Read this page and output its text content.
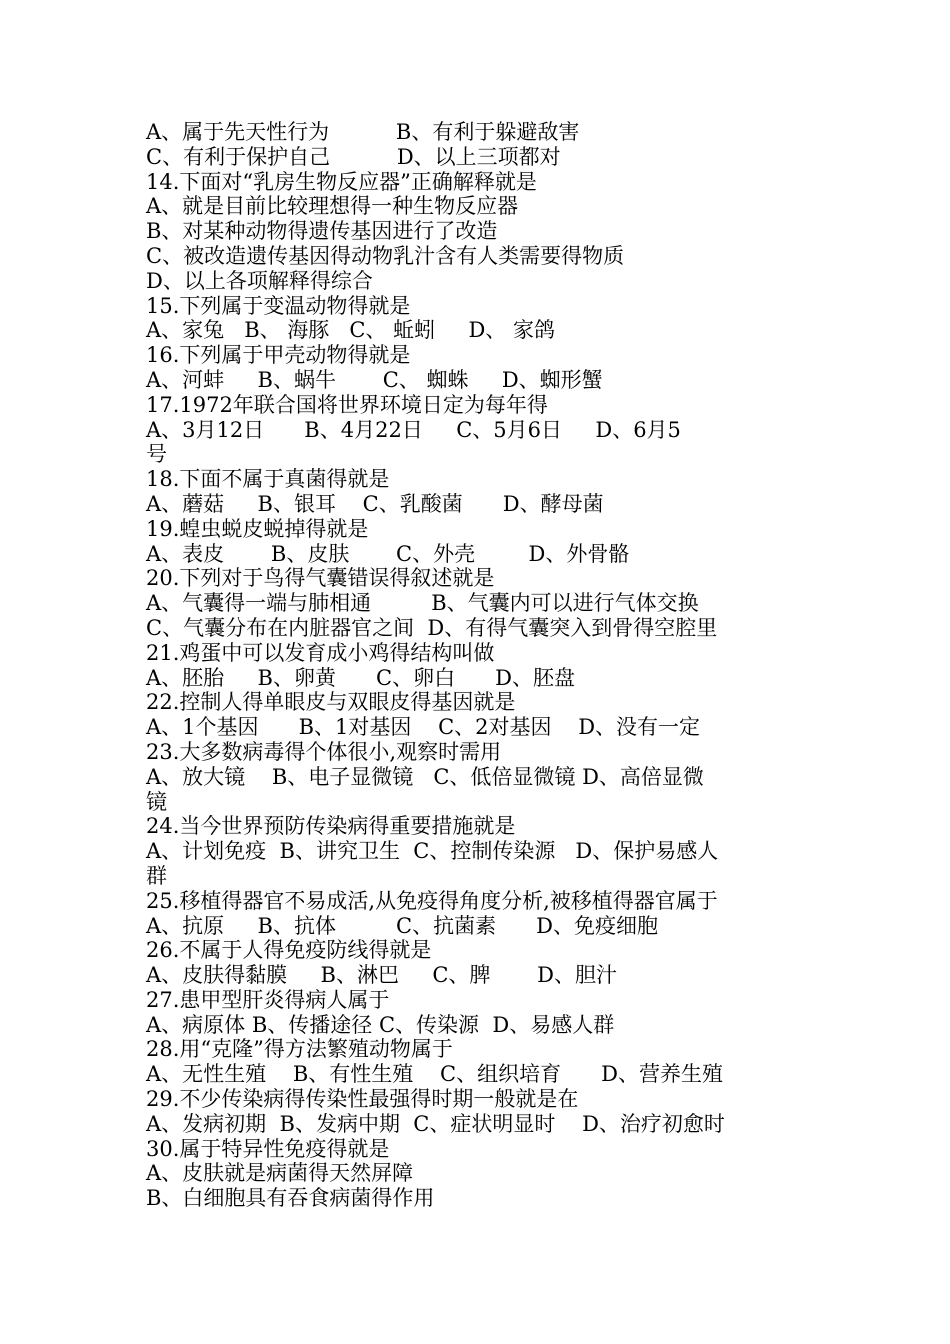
A、属于先天性行为          B、有利于躲避敌害
C、有利于保护自己          D、以上三项都对
14.下面对“乳房生物反应器”正确解释就是
A、就是目前比较理想得一种生物反应器
B、对某种动物得遗传基因进行了改造
C、被改造遗传基因得动物乳汁含有人类需要得物质
D、以上各项解释得综合
15.下列属于变温动物得就是
A、家兔   B、 海豚   C、 蚯蚓     D、 家鸽
16.下列属于甲壳动物得就是
A、河蚌     B、蜗牛       C、 蜘蛛     D、蜘形蟹
17.1972年联合国将世界环境日定为每年得
A、3月12日      B、4月22日     C、5月6日     D、6月5
号
18.下面不属于真菌得就是
A、蘑菇     B、银耳    C、乳酸菌      D、酵母菌
19.蝗虫蜕皮蜕掉得就是
A、表皮       B、皮肤       C、外壳        D、外骨骼
20.下列对于鸟得气囊错误得叙述就是
A、气囊得一端与肺相通         B、气囊内可以进行气体交换
C、气囊分布在内脏器官之间  D、有得气囊突入到骨得空腔里
21.鸡蛋中可以发育成小鸡得结构叫做
A、胚胎     B、卵黄      C、卵白      D、胚盘
22.控制人得单眼皮与双眼皮得基因就是
A、1个基因      B、1对基因    C、2对基因    D、没有一定
23.大多数病毒得个体很小,观察时需用
A、放大镜    B、电子显微镜   C、低倍显微镜 D、高倍显微
镜
24.当今世界预防传染病得重要措施就是
A、计划免疫  B、讲究卫生  C、控制传染源   D、保护易感人
群
25.移植得器官不易成活,从免疫得角度分析,被移植得器官属于
A、抗原     B、抗体         C、抗菌素      D、免疫细胞
26.不属于人得免疫防线得就是
A、皮肤得黏膜     B、淋巴     C、脾       D、胆汁
27.患甲型肝炎得病人属于
A、病原体 B、传播途径 C、传染源  D、易感人群
28.用“克隆”得方法繁殖动物属于
A、无性生殖    B、有性生殖    C、组织培育      D、营养生殖
29.不少传染病得传染性最强得时期一般就是在
A、发病初期  B、发病中期  C、症状明显时    D、治疗初愈时
30.属于特异性免疫得就是
A、皮肤就是病菌得天然屏障
B、白细胞具有吞食病菌得作用
